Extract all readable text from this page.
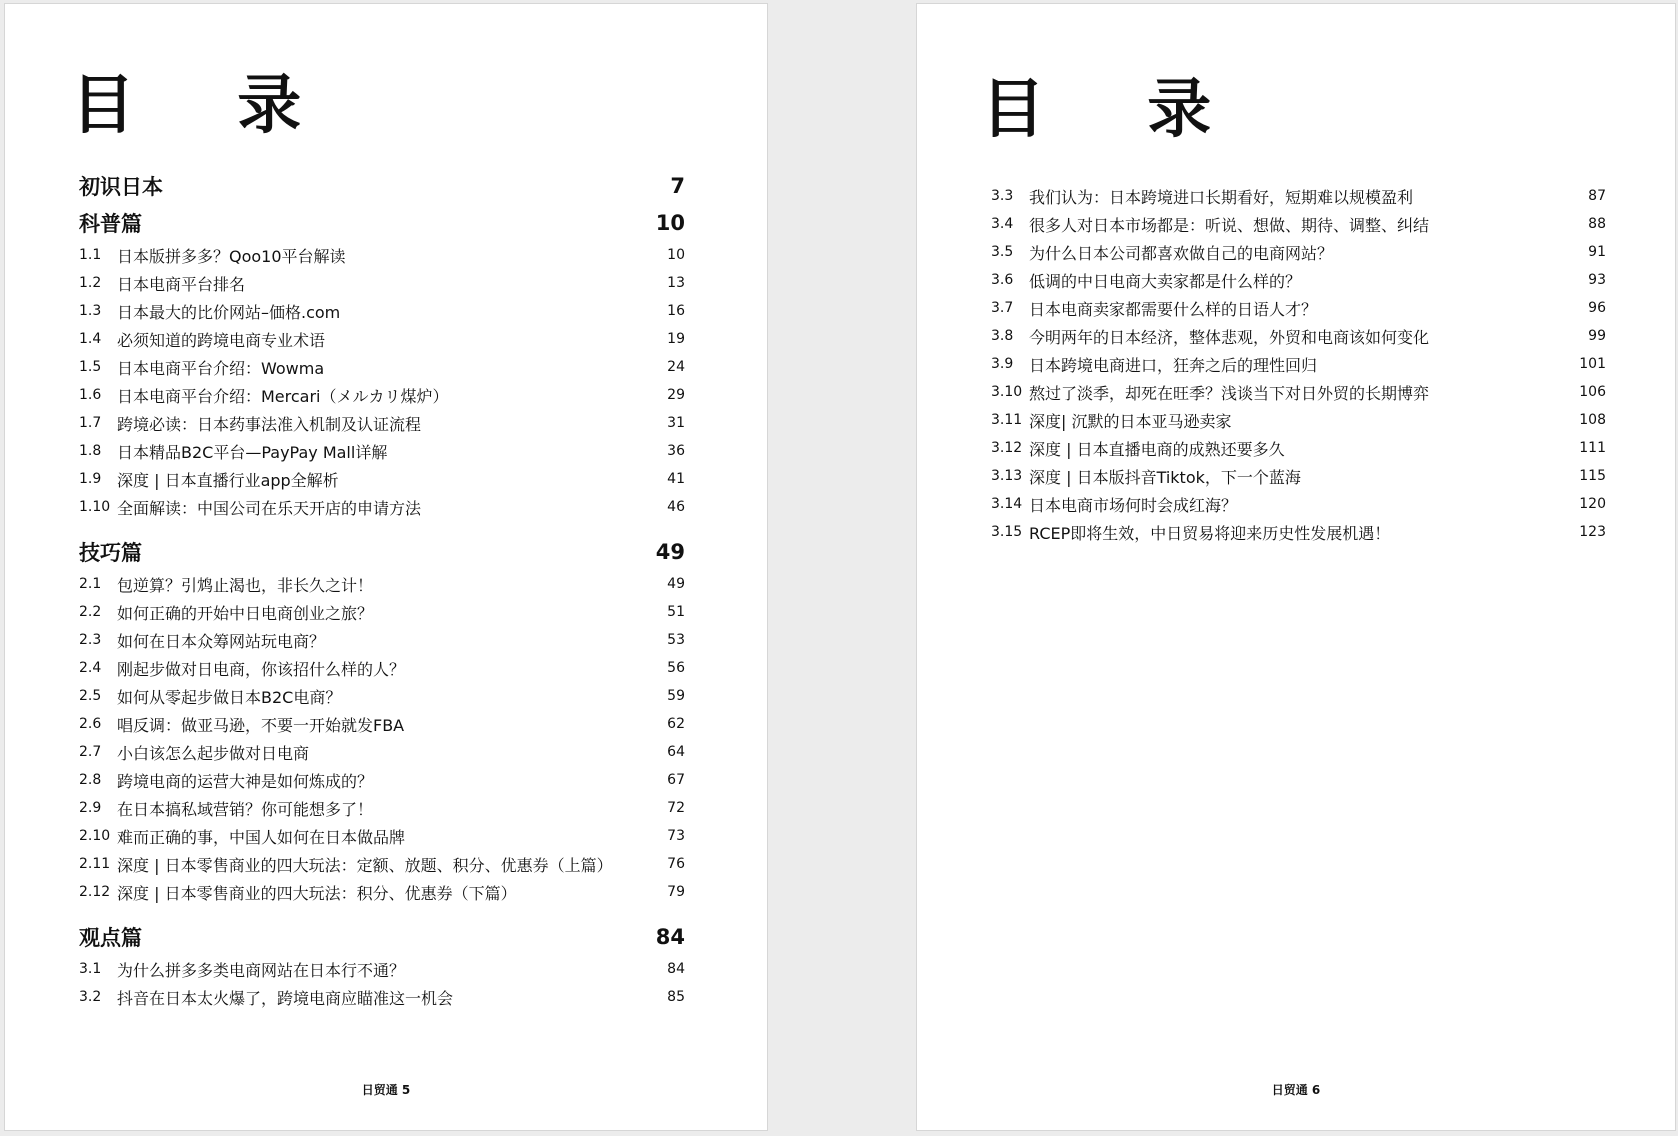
目 录
初识日本	7
科普篇	10
1.1 日本版拼多多？Qoo10平台解读	10
1.2 日本电商平台排名	13
1.3 日本最大的比价网站–価格.com	16
1.4 必须知道的跨境电商专业术语	19
1.5 日本电商平台介绍：Wowma	24
1.6 日本电商平台介绍：Mercari（メルカリ煤炉）	29
1.7 跨境必读：日本药事法准入机制及认证流程	31
1.8 日本精品B2C平台—PayPay Mall详解	36
1.9 深度 | 日本直播行业app全解析	41
1.10 全面解读：中国公司在乐天开店的申请方法	46
技巧篇	49
2.1 包逆算？引鸩止渴也，非长久之计！	49
2.2 如何正确的开始中日电商创业之旅？	51
2.3 如何在日本众筹网站玩电商？	53
2.4 刚起步做对日电商，你该招什么样的人？	56
2.5 如何从零起步做日本B2C电商？	59
2.6 唱反调：做亚马逊，不要一开始就发FBA	62
2.7 小白该怎么起步做对日电商	64
2.8 跨境电商的运营大神是如何炼成的？	67
2.9 在日本搞私域营销？你可能想多了！	72
2.10 难而正确的事，中国人如何在日本做品牌	73
2.11 深度 | 日本零售商业的四大玩法：定额、放题、积分、优惠券（上篇）	76
2.12 深度 | 日本零售商业的四大玩法：积分、优惠券（下篇）	79
观点篇	84
3.1 为什么拼多多类电商网站在日本行不通？	84
3.2 抖音在日本太火爆了，跨境电商应瞄准这一机会	85
日贸通 5
目 录
3.3 我们认为：日本跨境进口长期看好，短期难以规模盈利	87
3.4 很多人对日本市场都是：听说、想做、期待、调整、纠结	88
3.5 为什么日本公司都喜欢做自己的电商网站？	91
3.6 低调的中日电商大卖家都是什么样的？	93
3.7 日本电商卖家都需要什么样的日语人才？	96
3.8 今明两年的日本经济，整体悲观，外贸和电商该如何变化	99
3.9 日本跨境电商进口，狂奔之后的理性回归	101
3.10 熬过了淡季，却死在旺季？浅谈当下对日外贸的长期博弈	106
3.11 深度| 沉默的日本亚马逊卖家	108
3.12 深度 | 日本直播电商的成熟还要多久	111
3.13 深度 | 日本版抖音Tiktok，下一个蓝海	115
3.14 日本电商市场何时会成红海？	120
3.15 RCEP即将生效，中日贸易将迎来历史性发展机遇！	123
日贸通 6
